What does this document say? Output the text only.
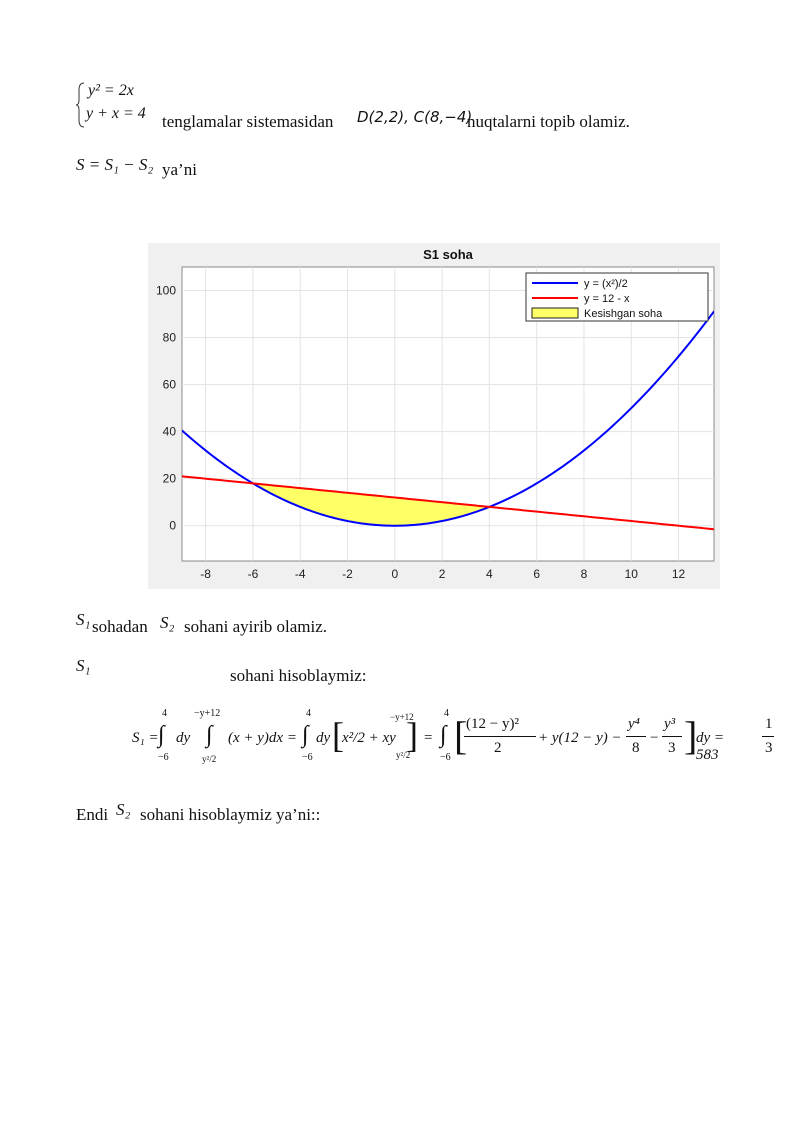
y² = 2x
y + x = 4 tenglamalar sistemasidan D(2,2), C(8,−4)
nuqtalarni topib olamiz.
S = S₁ − S₂ ya’ni
-8	-6	-4	-2	0	2	4	6	8	10	12
0
20
40
60
80
100
S1 soha
y = (x²)/2
y = 12 - x
Kesishgan soha
S₁ sohadan S₂ sohani ayirib olamiz.
S₁
sohani hisoblaymiz:
S₁ = ∫
4
−6
dy ∫
−y+12
y²/2
(x + y)dx = ∫
4
−6
dy [
x²/2 + xy ]
−y+12
y²/2
= ∫
4
−6 [
(12 − y)²
2
+ y(12 − y) −
y⁴
8
−
y³
3 ]
dy = 583
1
3
Endi S₂ sohani hisoblaymiz ya’ni::
